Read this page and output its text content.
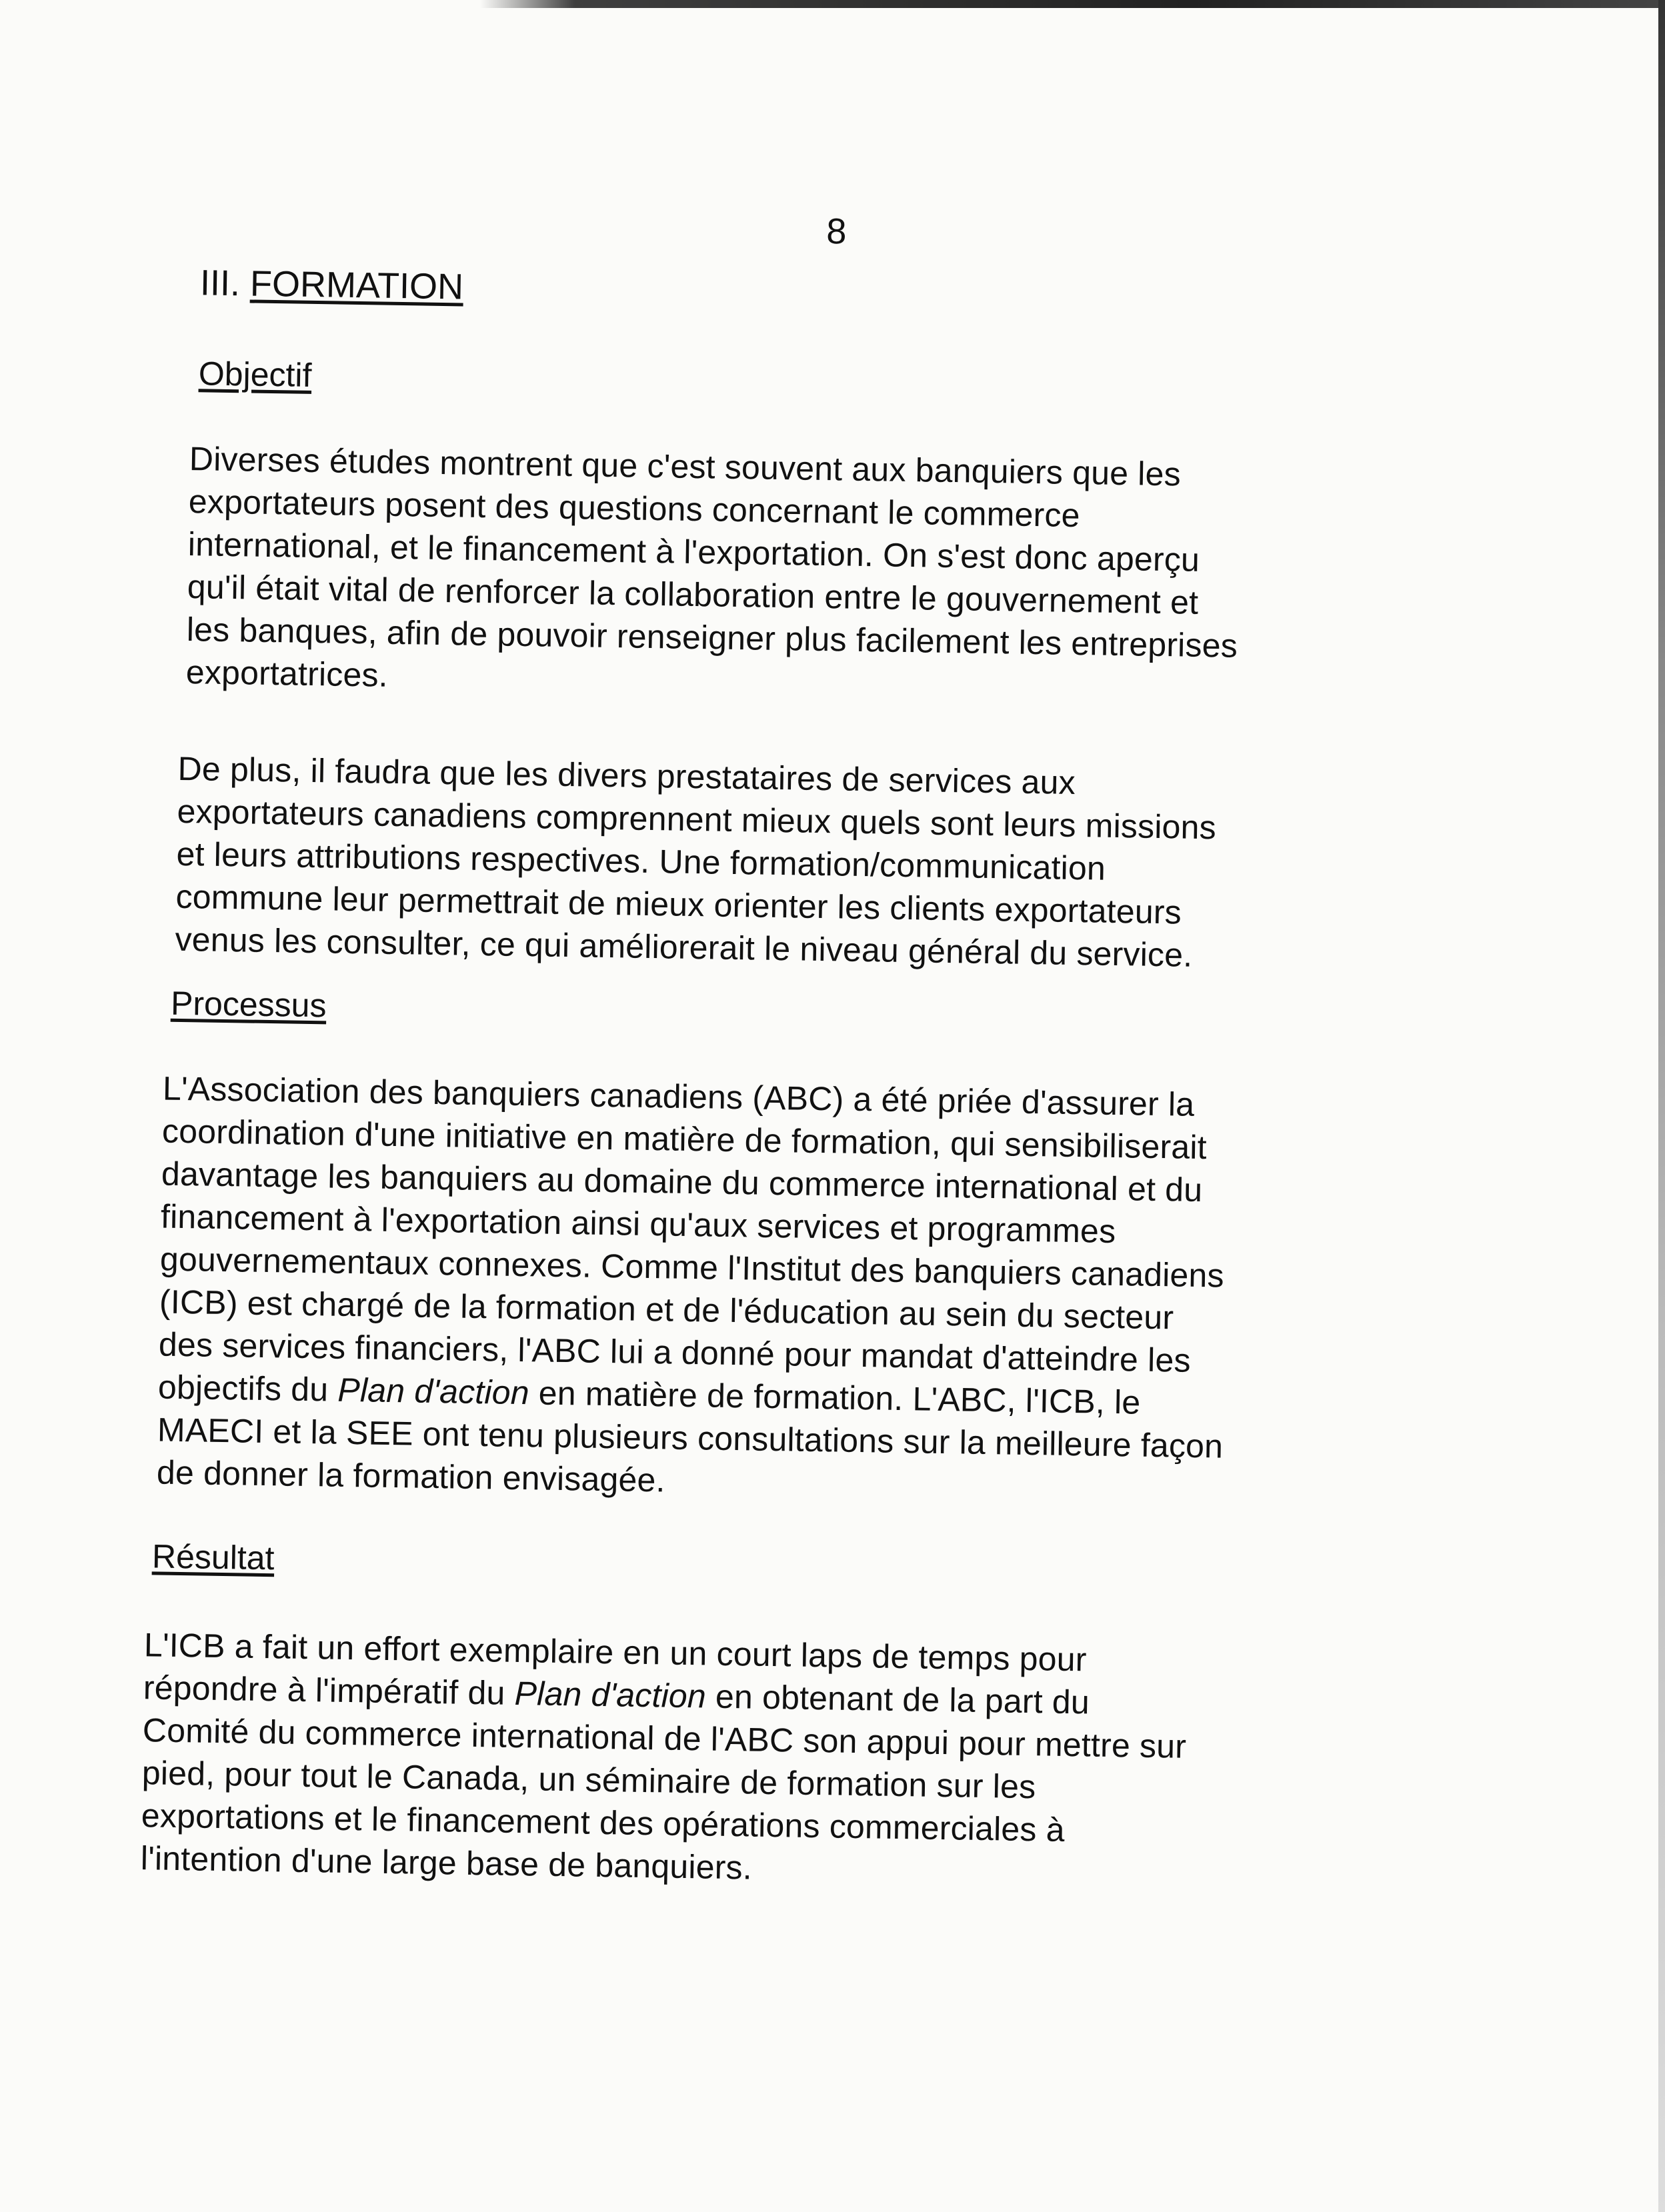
8

III. FORMATION
Objectif
Diverses études montrent que c'est souvent aux banquiers que les
exportateurs posent des questions concernant le commerce
international, et le financement à l'exportation. On s'est donc aperçu
qu'il était vital de renforcer la collaboration entre le gouvernement et
les banques, afin de pouvoir renseigner plus facilement les entreprises
exportatrices.
De plus, il faudra que les divers prestataires de services aux
exportateurs canadiens comprennent mieux quels sont leurs missions
et leurs attributions respectives. Une formation/communication
commune leur permettrait de mieux orienter les clients exportateurs
venus les consulter, ce qui améliorerait le niveau général du service.
Processus
L'Association des banquiers canadiens (ABC) a été priée d'assurer la
coordination d'une initiative en matière de formation, qui sensibiliserait
davantage les banquiers au domaine du commerce international et du
financement à l'exportation ainsi qu'aux services et programmes
gouvernementaux connexes. Comme l'Institut des banquiers canadiens
(ICB) est chargé de la formation et de l'éducation au sein du secteur
des services financiers, l'ABC lui a donné pour mandat d'atteindre les
objectifs du Plan d'action en matière de formation. L'ABC, l'ICB, le
MAECI et la SEE ont tenu plusieurs consultations sur la meilleure façon
de donner la formation envisagée.
Résultat
L'ICB a fait un effort exemplaire en un court laps de temps pour
répondre à l'impératif du Plan d'action en obtenant de la part du
Comité du commerce international de l'ABC son appui pour mettre sur
pied, pour tout le Canada, un séminaire de formation sur les
exportations et le financement des opérations commerciales à
l'intention d'une large base de banquiers.
